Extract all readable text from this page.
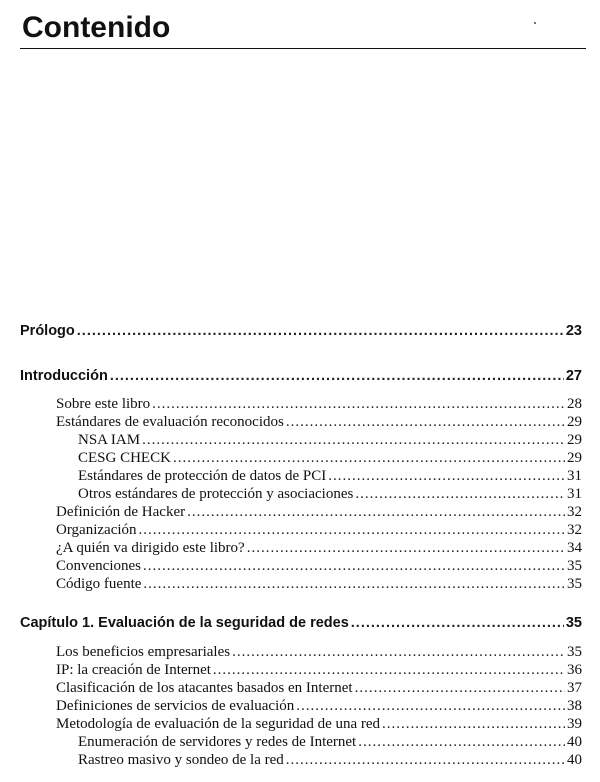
Contenido
Prólogo .....	23
Introducción .....	27
Sobre este libro .....	28
Estándares de evaluación reconocidos .....	29
NSA IAM .....	29
CESG CHECK .....	29
Estándares de protección de datos de PCI .....	31
Otros estándares de protección y asociaciones .....	31
Definición de Hacker .....	32
Organización .....	32
¿A quién va dirigido este libro? .....	34
Convenciones .....	35
Código fuente .....	35
Capítulo 1. Evaluación de la seguridad de redes .....	35
Los beneficios empresariales .....	35
IP: la creación de Internet .....	36
Clasificación de los atacantes basados en Internet .....	37
Definiciones de servicios de evaluación .....	38
Metodología de evaluación de la seguridad de una red .....	39
Enumeración de servidores y redes de Internet .....	40
Rastreo masivo y sondeo de la red .....	40
